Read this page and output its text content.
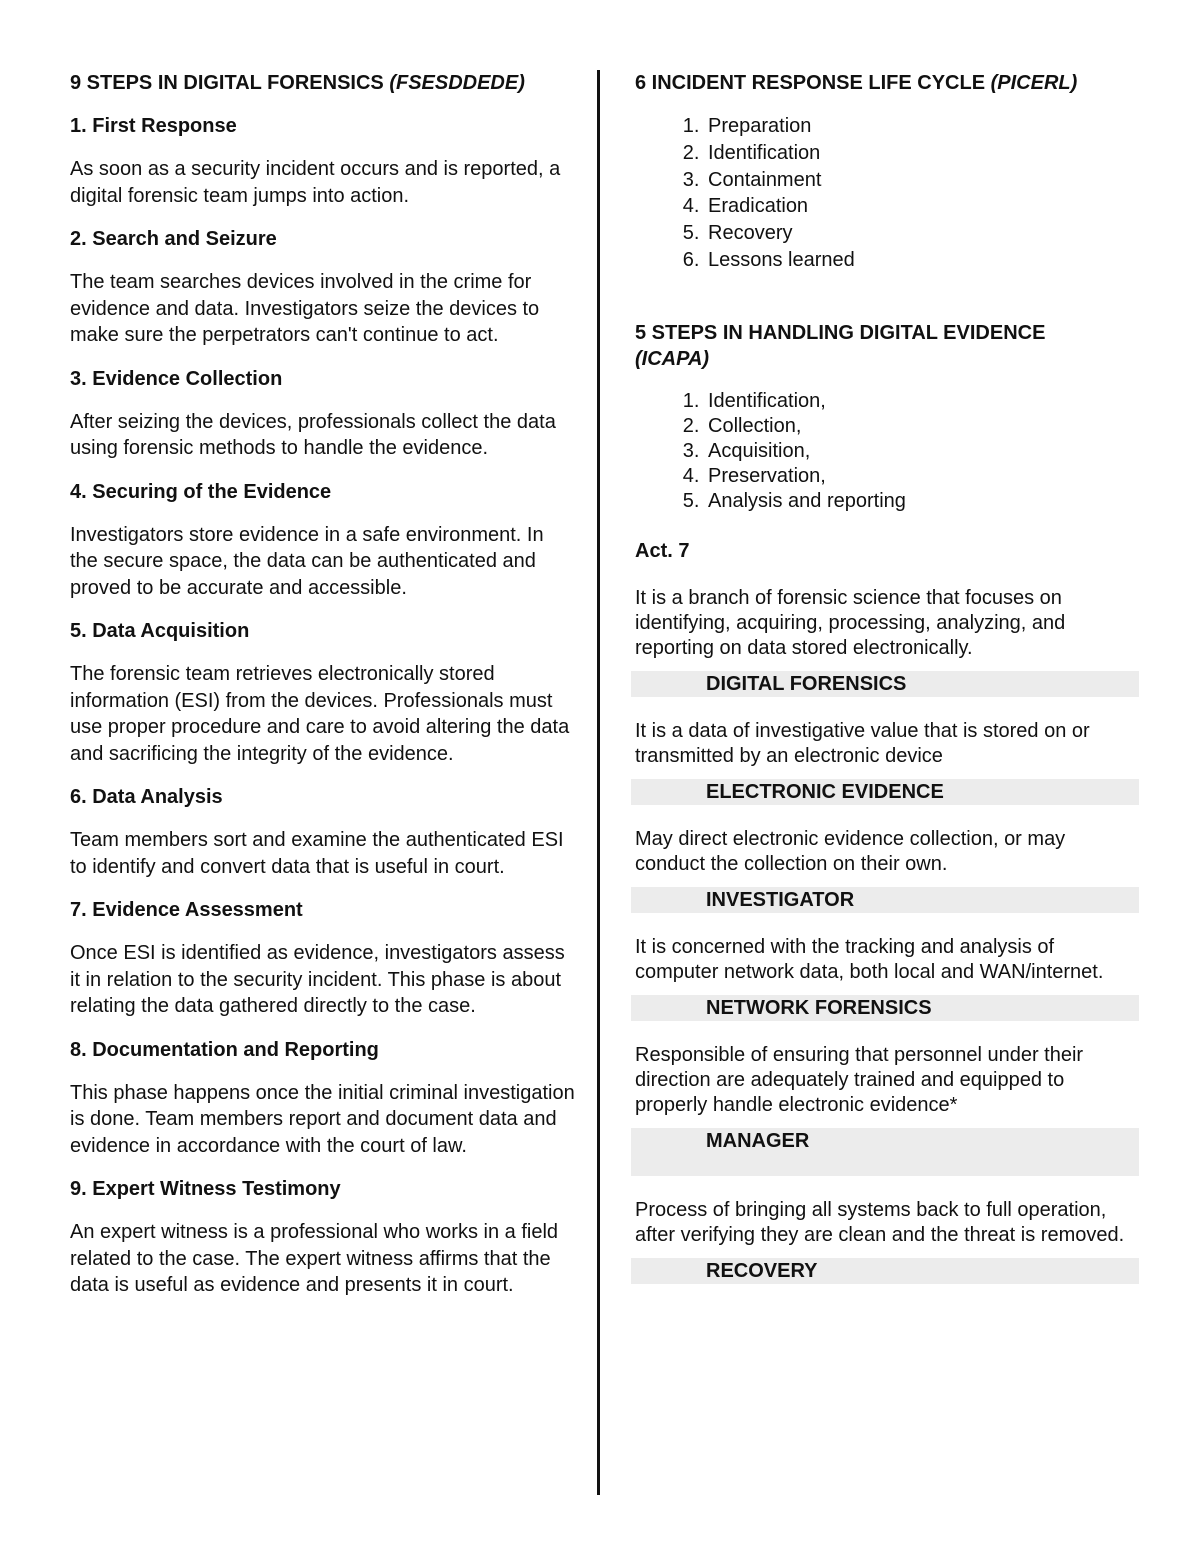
9 STEPS IN DIGITAL FORENSICS (FSESDDEDE)

1. First Response

As soon as a security incident occurs and is reported, a digital forensic team jumps into action.

2. Search and Seizure

The team searches devices involved in the crime for evidence and data. Investigators seize the devices to make sure the perpetrators can't continue to act.

3. Evidence Collection

After seizing the devices, professionals collect the data using forensic methods to handle the evidence.

4. Securing of the Evidence

Investigators store evidence in a safe environment. In the secure space, the data can be authenticated and proved to be accurate and accessible.

5. Data Acquisition

The forensic team retrieves electronically stored information (ESI) from the devices. Professionals must use proper procedure and care to avoid altering the data and sacrificing the integrity of the evidence.

6. Data Analysis

Team members sort and examine the authenticated ESI to identify and convert data that is useful in court.

7. Evidence Assessment

Once ESI is identified as evidence, investigators assess it in relation to the security incident. This phase is about relating the data gathered directly to the case.

8. Documentation and Reporting

This phase happens once the initial criminal investigation is done. Team members report and document data and evidence in accordance with the court of law.

9. Expert Witness Testimony

An expert witness is a professional who works in a field related to the case. The expert witness affirms that the data is useful as evidence and presents it in court.

6 INCIDENT RESPONSE LIFE CYCLE (PICERL)

1. Preparation
2. Identification
3. Containment
4. Eradication
5. Recovery
6. Lessons learned

5 STEPS IN HANDLING DIGITAL EVIDENCE
(ICAPA)

1. Identification,
2. Collection,
3. Acquisition,
4. Preservation,
5. Analysis and reporting

Act. 7

It is a branch of forensic science that focuses on identifying, acquiring, processing, analyzing, and reporting on data stored electronically.

DIGITAL FORENSICS

It is a data of investigative value that is stored on or transmitted by an electronic device

ELECTRONIC EVIDENCE

May direct electronic evidence collection, or may conduct the collection on their own.

INVESTIGATOR

It is concerned with the tracking and analysis of computer network data, both local and WAN/internet.

NETWORK FORENSICS

Responsible of ensuring that personnel under their direction are adequately trained and equipped to properly handle electronic evidence*

MANAGER

Process of bringing all systems back to full operation, after verifying they are clean and the threat is removed.

RECOVERY
